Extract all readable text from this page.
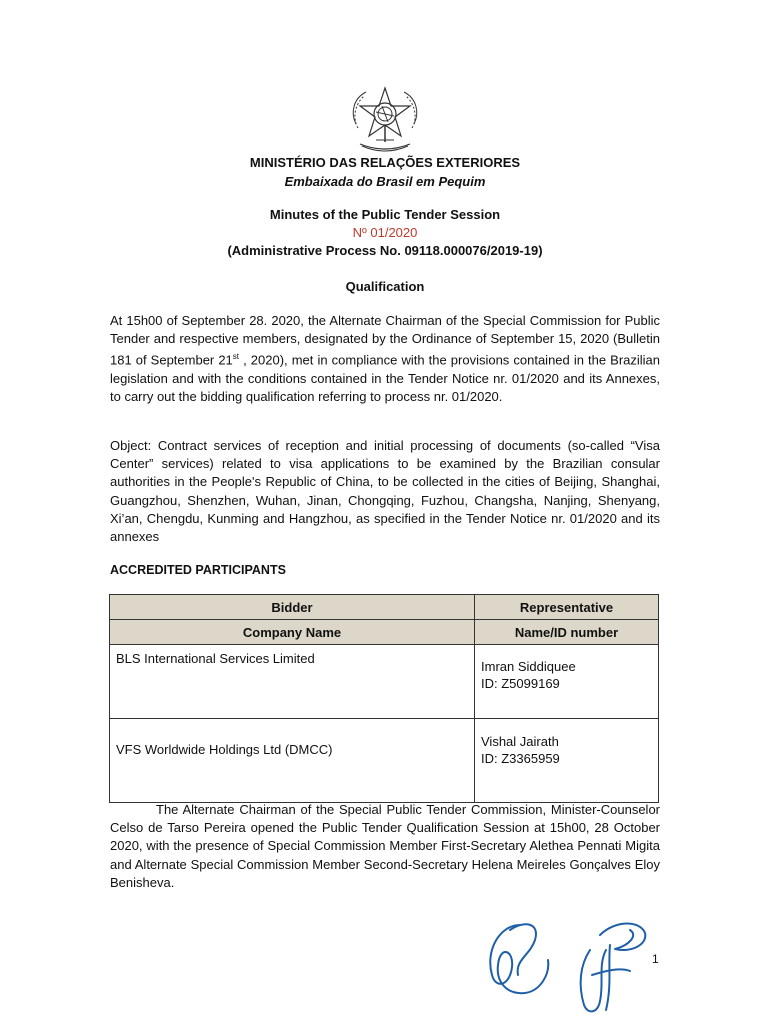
MINISTÉRIO DAS RELAÇÕES EXTERIORES
Embaixada do Brasil em Pequim
Minutes of the Public Tender Session
Nº 01/2020
(Administrative Process No. 09118.000076/2019-19)
Qualification
At 15h00 of September 28. 2020, the Alternate Chairman of the Special Commission for Public Tender and respective members, designated by the Ordinance of September 15, 2020 (Bulletin 181 of September 21st , 2020), met in compliance with the provisions contained in the Brazilian legislation and with the conditions contained in the Tender Notice nr. 01/2020 and its Annexes, to carry out the bidding qualification referring to process nr. 01/2020.
Object: Contract services of reception and initial processing of documents (so-called “Visa Center” services) related to visa applications to be examined by the Brazilian consular authorities in the People's Republic of China, to be collected in the cities of Beijing, Shanghai, Guangzhou, Shenzhen, Wuhan, Jinan, Chongqing, Fuzhou, Changsha, Nanjing, Shenyang, Xi’an, Chengdu, Kunming and Hangzhou, as specified in the Tender Notice nr. 01/2020 and its annexes
ACCREDITED PARTICIPANTS
Bidder	Representative
Company Name	Name/ID number
BLS International Services Limited	Imran Siddiquee
ID: Z5099169

VFS Worldwide Holdings Ltd (DMCC)	Vishal Jairath
ID: Z3365959
The Alternate Chairman of the Special Public Tender Commission, Minister-Counselor Celso de Tarso Pereira opened the Public Tender Qualification Session at 15h00, 28 October 2020, with the presence of Special Commission Member First-Secretary Alethea Pennati Migita and Alternate Special Commission Member Second-Secretary Helena Meireles Gonçalves Eloy Benisheva.
1
